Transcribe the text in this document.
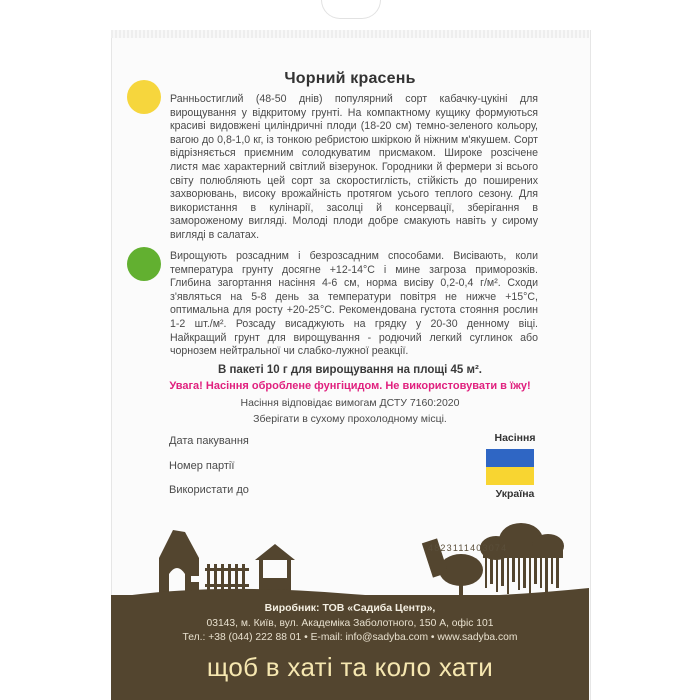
Чорний красень
Ранньостиглий (48-50 днів) популярний сорт кабачку-цукіні для вирощування у відкритому грунті. На компактному кущику формуються красиві видовжені циліндричні плоди (18-20 см) темно-зеленого кольору, вагою до 0,8-1,0 кг, із тонкою ребристою шкіркою й ніжним м'якушем. Сорт відрізняється приємним солодкуватим присмаком. Широке розсічене листя має характерний світлий візерунок. Городники й фермери зі всього світу полюбляють цей сорт за скоростиглість, стійкість до поширених захворювань, високу врожайність протягом усього теплого сезону. Для використання в кулінарії, засолці й консервації, зберігання в замороженому вигляді. Молоді плоди добре смакують навіть у сирому вигляді в салатах.
Вирощують розсадним і безрозсадним способами. Висівають, коли температура грунту досягне +12-14°C і мине загроза приморозків. Глибина загортання насіння 4-6 см, норма висіву 0,2-0,4 г/м². Сходи з'являться на 5-8 день за температури повітря не нижче +15°C, оптимальна для росту +20-25°C. Рекомендована густота стояння рослин 1-2 шт./м². Розсаду висаджують на грядку у 20-30 денному віці. Найкращий грунт для вирощування - родючий легкий суглинок або чорнозем нейтральної чи слабко-лужної реакції.
В пакеті 10 г для вирощування на площі 45 м².
Увага! Насіння оброблене фунгіцидом. Не використовувати в їжу!
Насіння відповідає вимогам ДСТУ 7160:2020
Зберігати в сухому прохолодному місці.
Дата пакування
Номер партії
Використати до
Насіння
Україна
4823111403074
Виробник: ТОВ «Садиба Центр»,
03143, м. Київ, вул. Академіка Заболотного, 150 А, офіс 101
Тел.: +38 (044) 222 88 01 • E-mail: info@sadyba.com • www.sadyba.com
щоб в хаті та коло хати
